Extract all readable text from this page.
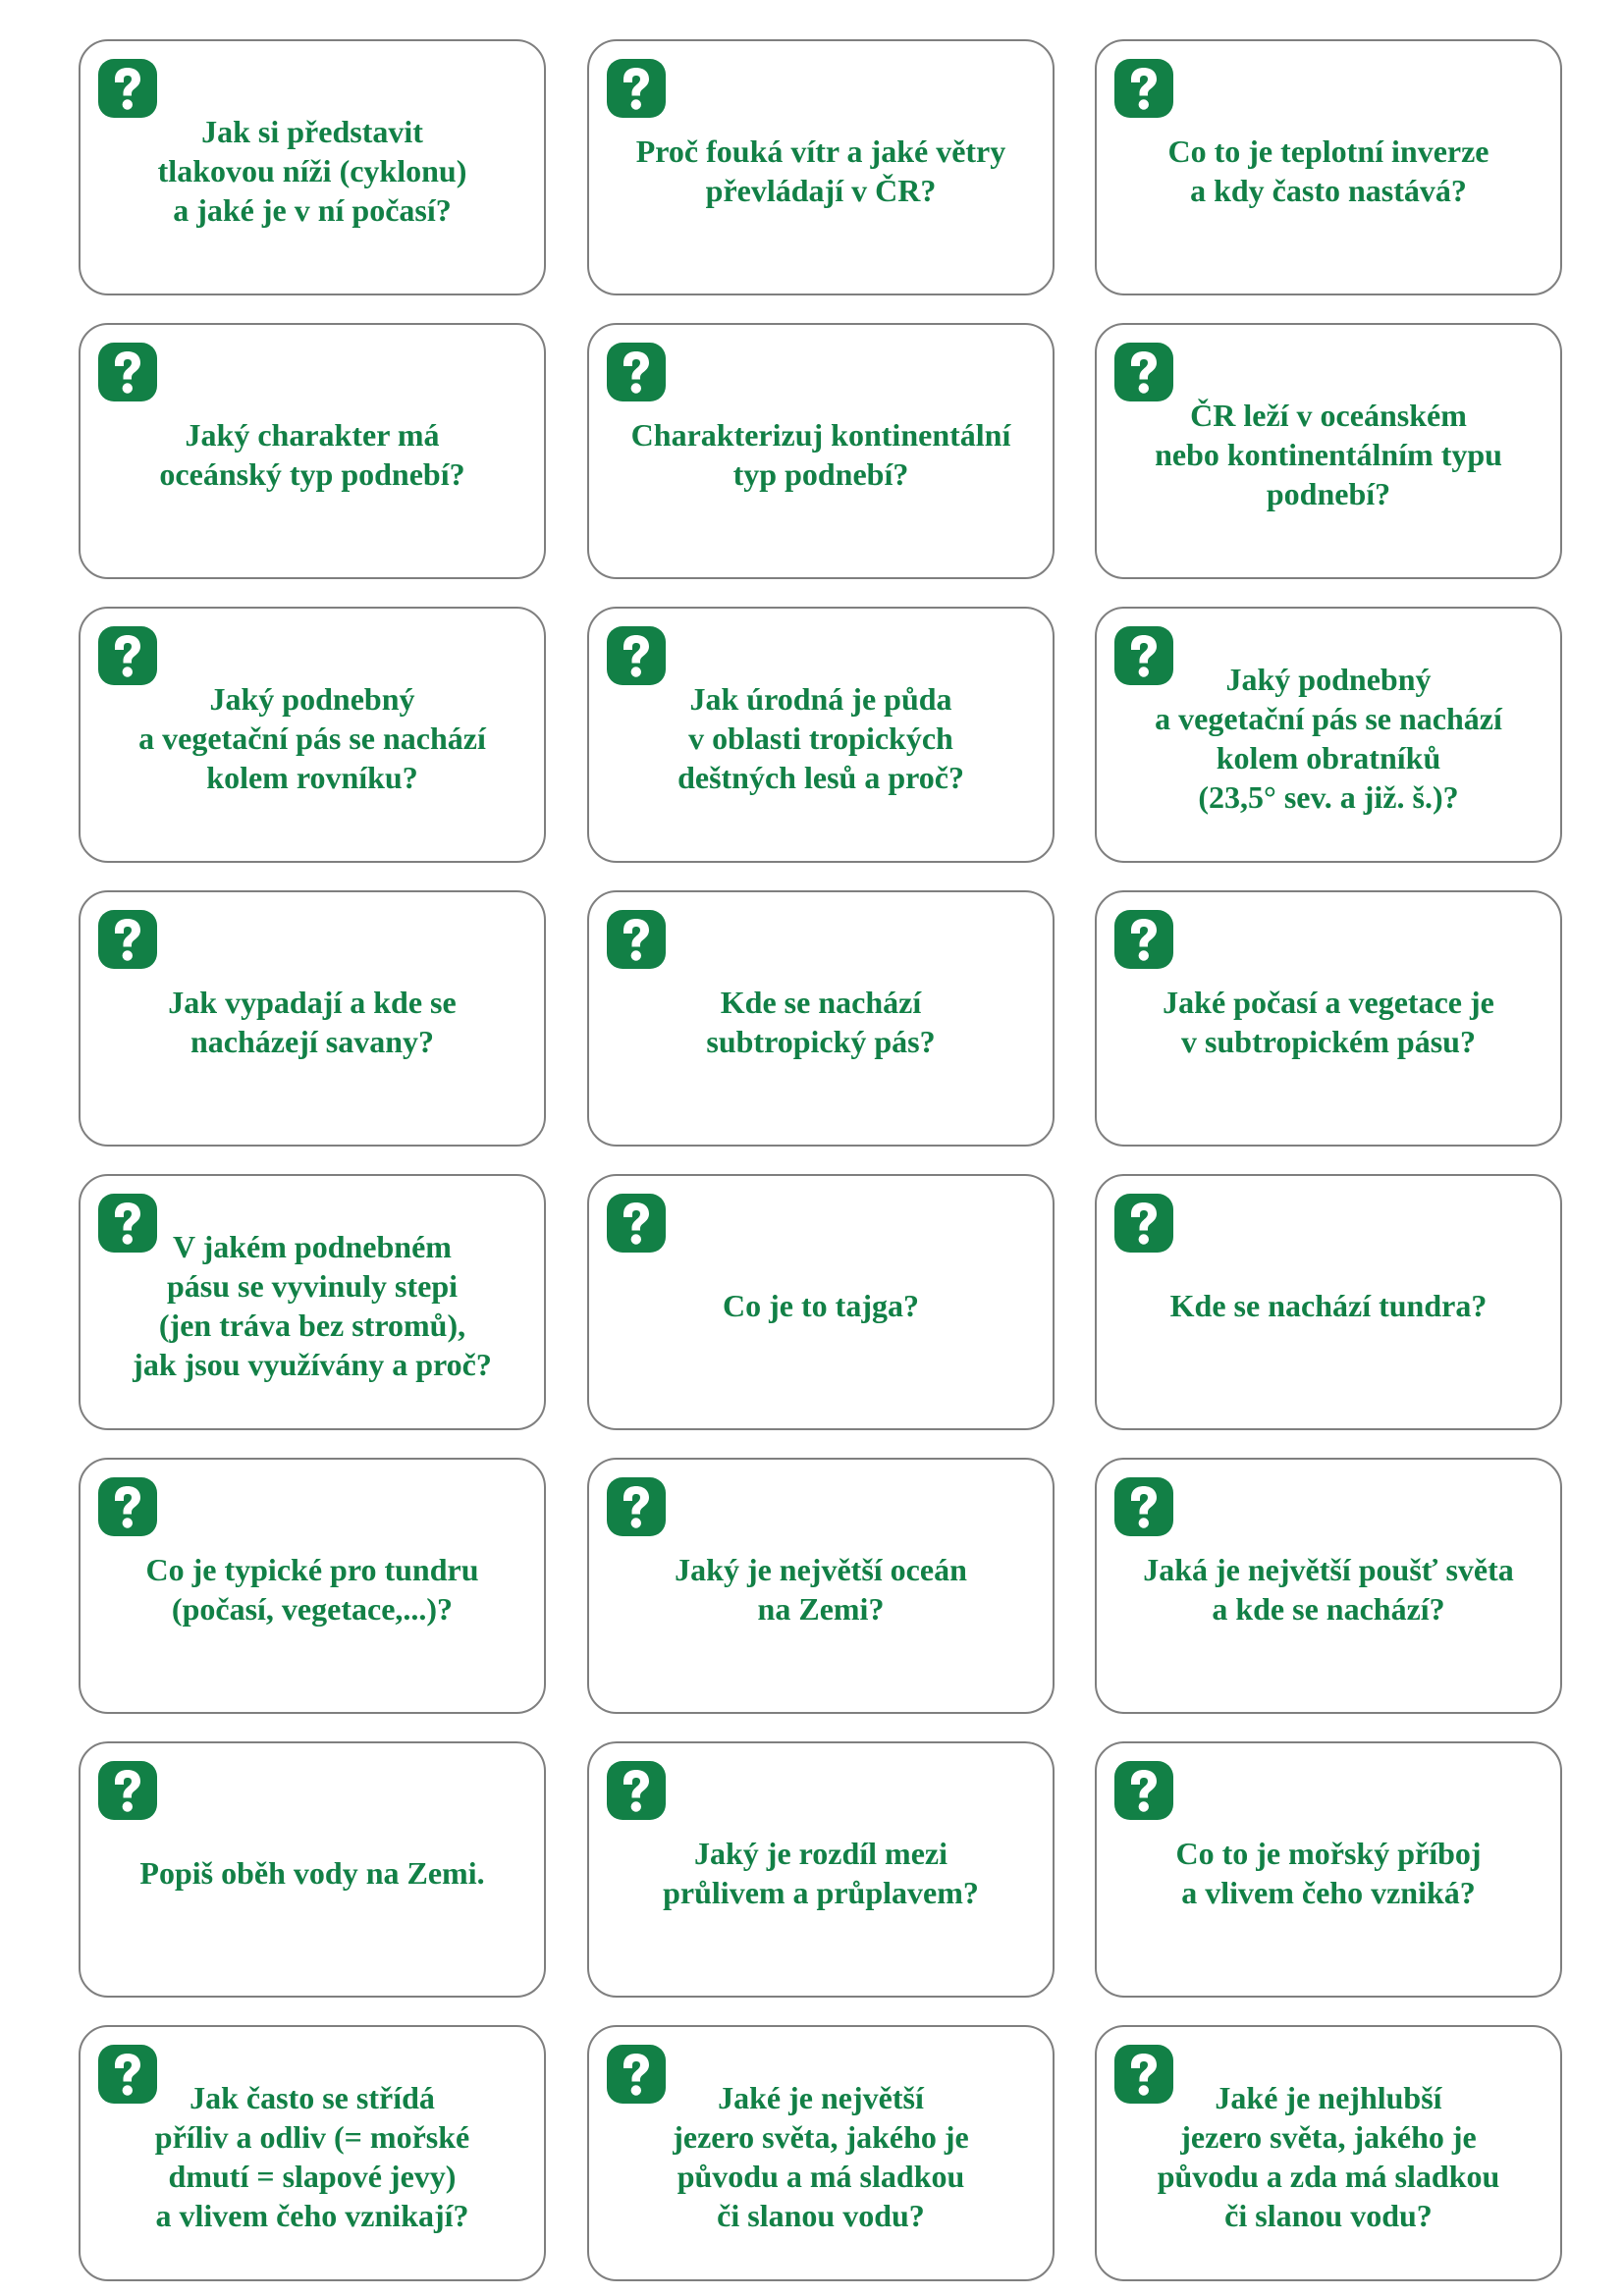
Jak si představit
tlakovou níži (cyklonu)
a jaké je v ní počasí?
Proč fouká vítr a jaké větry
převládají v ČR?
Co to je teplotní inverze
a kdy často nastává?
Jaký charakter má
oceánský typ podnebí?
Charakterizuj kontinentální
typ podnebí?
ČR leží v oceánském
nebo kontinentálním typu
podnebí?
Jaký podnebný
a vegetační pás se nachází
kolem rovníku?
Jak úrodná je půda
v oblasti tropických
deštných lesů a proč?
Jaký podnebný
a vegetační pás se nachází
kolem obratníků
(23,5° sev. a již. š.)?
Jak vypadají a kde se
nacházejí savany?
Kde se nachází
subtropický pás?
Jaké počasí a vegetace je
v subtropickém pásu?
V jakém podnebném
pásu se vyvinuly stepi
(jen tráva bez stromů),
jak jsou využívány a proč?
Co je to tajga?	Kde se nachází tundra?
Co je typické pro tundru
(počasí, vegetace,...)?
Jaký je největší oceán
na Zemi?
Jaká je největší poušť světa
a kde se nachází?
Popiš oběh vody na Zemi.
Jaký je rozdíl mezi
průlivem a průplavem?
Co to je mořský příboj
a vlivem čeho vzniká?
Jak často se střídá
příliv a odliv (= mořské
dmutí = slapové jevy)
a vlivem čeho vznikají?
Jaké je největší
jezero světa, jakého je
původu a má sladkou
či slanou vodu?
Jaké je nejhlubší
jezero světa, jakého je
původu a zda má sladkou
či slanou vodu?
